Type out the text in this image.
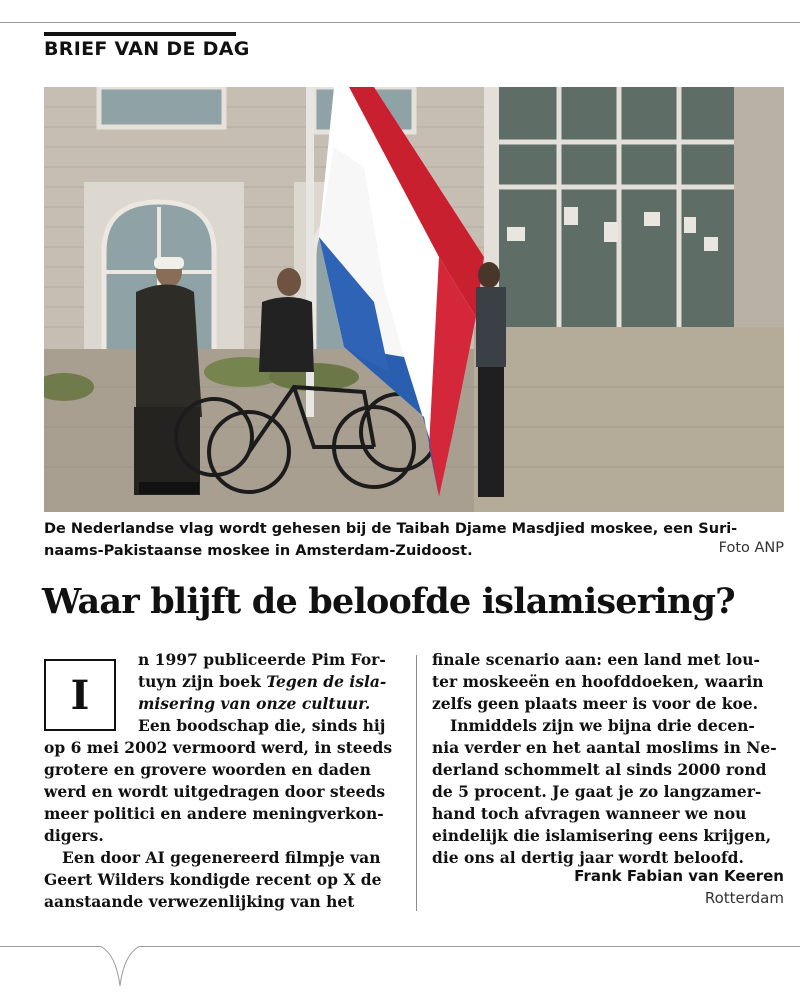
BRIEF VAN DE DAG
De Nederlandse vlag wordt gehesen bij de Taibah Djame Masdjied moskee, een Suri-
naams-Pakistaanse moskee in Amsterdam-Zuidoost.	Foto ANP
Waar blijft de beloofde islamisering?
I
n 1997 publiceerde Pim For-
tuyn zijn boek Tegen de isla-
misering van onze cultuur.
Een boodschap die, sinds hij
op 6 mei 2002 vermoord werd, in steeds
grotere en grovere woorden en daden
werd en wordt uitgedragen door steeds
meer politici en andere meningverkon-
digers.
Een door AI gegenereerd filmpje van
Geert Wilders kondigde recent op X de
aanstaande verwezenlijking van het
finale scenario aan: een land met lou-
ter moskeeën en hoofddoeken, waarin
zelfs geen plaats meer is voor de koe.
Inmiddels zijn we bijna drie decen-
nia verder en het aantal moslims in Ne-
derland schommelt al sinds 2000 rond
de 5 procent. Je gaat je zo langzamer-
hand toch afvragen wanneer we nou
eindelijk die islamisering eens krijgen,
die ons al dertig jaar wordt beloofd.
Frank Fabian van Keeren
Rotterdam
